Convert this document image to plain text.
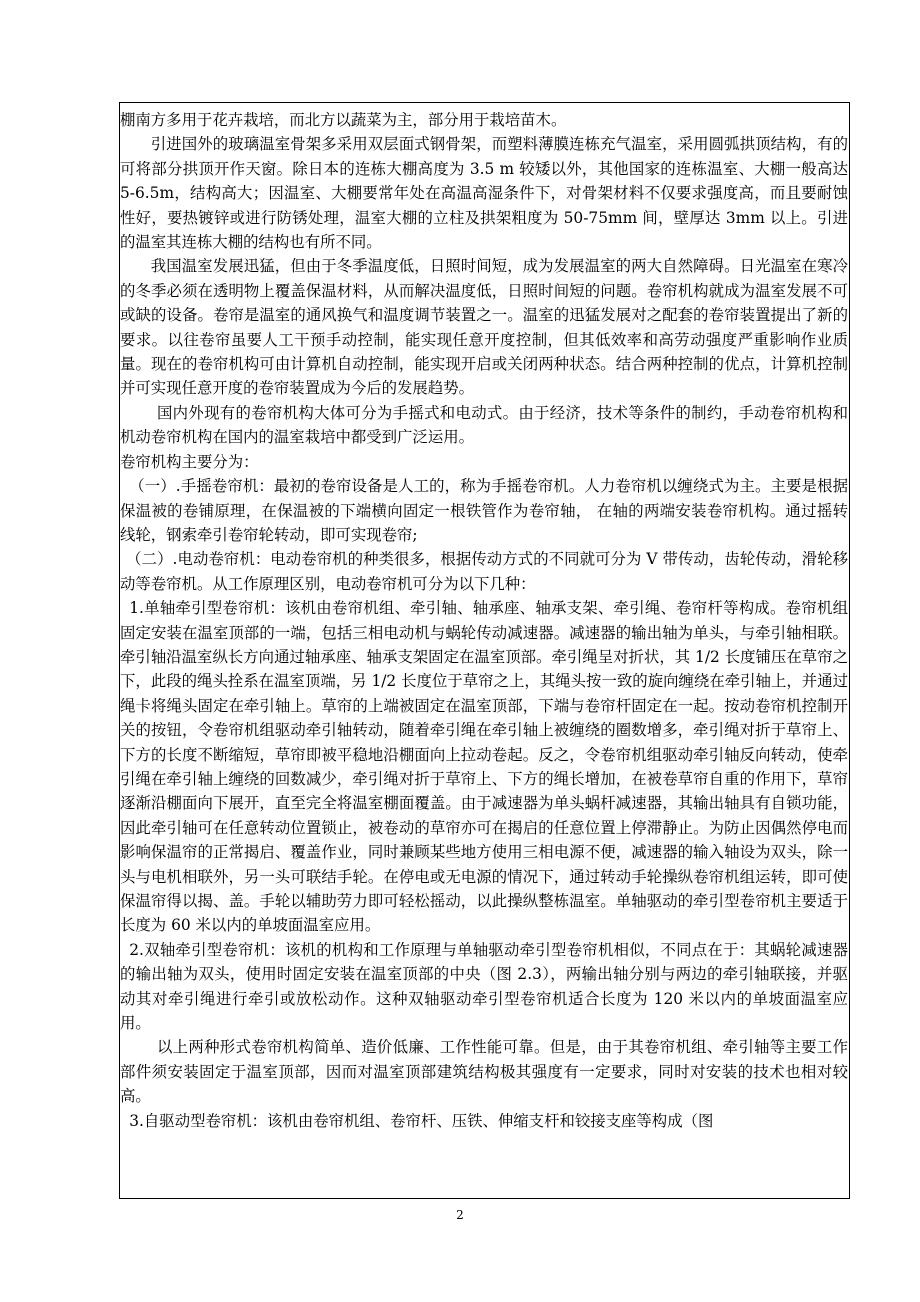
棚南方多用于花卉栽培，而北方以蔬菜为主，部分用于栽培苗木。

引进国外的玻璃温室骨架多采用双层面式钢骨架，而塑料薄膜连栋充气温室，采用圆弧拱顶结构，有的可将部分拱顶开作天窗。除日本的连栋大棚高度为 3.5 m 较矮以外，其他国家的连栋温室、大棚一般高达 5-6.5m，结构高大；因温室、大棚要常年处在高温高湿条件下，对骨架材料不仅要求强度高，而且要耐蚀性好，要热镀锌或进行防锈处理，温室大棚的立柱及拱架粗度为 50-75mm 间，壁厚达 3mm 以上。引进的温室其连栋大棚的结构也有所不同。

我国温室发展迅猛，但由于冬季温度低，日照时间短，成为发展温室的两大自然障碍。日光温室在寒冷的冬季必须在透明物上覆盖保温材料，从而解决温度低，日照时间短的问题。卷帘机构就成为温室发展不可或缺的设备。卷帘是温室的通风换气和温度调节装置之一。温室的迅猛发展对之配套的卷帘装置提出了新的要求。以往卷帘虽要人工干预手动控制，能实现任意开度控制，但其低效率和高劳动强度严重影响作业质量。现在的卷帘机构可由计算机自动控制，能实现开启或关闭两种状态。结合两种控制的优点，计算机控制并可实现任意开度的卷帘装置成为今后的发展趋势。

国内外现有的卷帘机构大体可分为手摇式和电动式。由于经济，技术等条件的制约，手动卷帘机构和机动卷帘机构在国内的温室栽培中都受到广泛运用。

卷帘机构主要分为：

（一）.手摇卷帘机：最初的卷帘设备是人工的，称为手摇卷帘机。人力卷帘机以缠绕式为主。主要是根据保温被的卷铺原理，在保温被的下端横向固定一根铁管作为卷帘轴， 在轴的两端安装卷帘机构。通过摇转线轮，钢索牵引卷帘轮转动，即可实现卷帘;

（二）.电动卷帘机：电动卷帘机的种类很多，根据传动方式的不同就可分为 V 带传动，齿轮传动，滑轮移动等卷帘机。从工作原理区别，电动卷帘机可分为以下几种：

1.单轴牵引型卷帘机：该机由卷帘机组、牵引轴、轴承座、轴承支架、牵引绳、卷帘杆等构成。卷帘机组固定安装在温室顶部的一端，包括三相电动机与蜗轮传动减速器。减速器的输出轴为单头，与牵引轴相联。牵引轴沿温室纵长方向通过轴承座、轴承支架固定在温室顶部。牵引绳呈对折状，其 1/2 长度铺压在草帘之下，此段的绳头拴系在温室顶端，另 1/2 长度位于草帘之上，其绳头按一致的旋向缠绕在牵引轴上，并通过绳卡将绳头固定在牵引轴上。草帘的上端被固定在温室顶部，下端与卷帘杆固定在一起。按动卷帘机控制开关的按钮，令卷帘机组驱动牵引轴转动，随着牵引绳在牵引轴上被缠绕的圈数增多，牵引绳对折于草帘上、下方的长度不断缩短，草帘即被平稳地沿棚面向上拉动卷起。反之，令卷帘机组驱动牵引轴反向转动，使牵引绳在牵引轴上缠绕的回数减少，牵引绳对折于草帘上、下方的绳长增加，在被卷草帘自重的作用下，草帘逐渐沿棚面向下展开，直至完全将温室棚面覆盖。由于减速器为单头蜗杆减速器，其输出轴具有自锁功能，因此牵引轴可在任意转动位置锁止，被卷动的草帘亦可在揭启的任意位置上停滞静止。为防止因偶然停电而影响保温帘的正常揭启、覆盖作业，同时兼顾某些地方使用三相电源不便，减速器的输入轴设为双头，除一头与电机相联外，另一头可联结手轮。在停电或无电源的情况下，通过转动手轮操纵卷帘机组运转，即可使保温帘得以揭、盖。手轮以辅助劳力即可轻松摇动，以此操纵整栋温室。单轴驱动的牵引型卷帘机主要适于长度为 60 米以内的单坡面温室应用。

2.双轴牵引型卷帘机：该机的机构和工作原理与单轴驱动牵引型卷帘机相似，不同点在于：其蜗轮减速器的输出轴为双头，使用时固定安装在温室顶部的中央（图 2.3），两输出轴分别与两边的牵引轴联接，并驱动其对牵引绳进行牵引或放松动作。这种双轴驱动牵引型卷帘机适合长度为 120 米以内的单坡面温室应用。

以上两种形式卷帘机构简单、造价低廉、工作性能可靠。但是，由于其卷帘机组、牵引轴等主要工作部件须安装固定于温室顶部，因而对温室顶部建筑结构极其强度有一定要求，同时对安装的技术也相对较高。

3.自驱动型卷帘机：该机由卷帘机组、卷帘杆、压铁、伸缩支杆和铰接支座等构成（图

2
